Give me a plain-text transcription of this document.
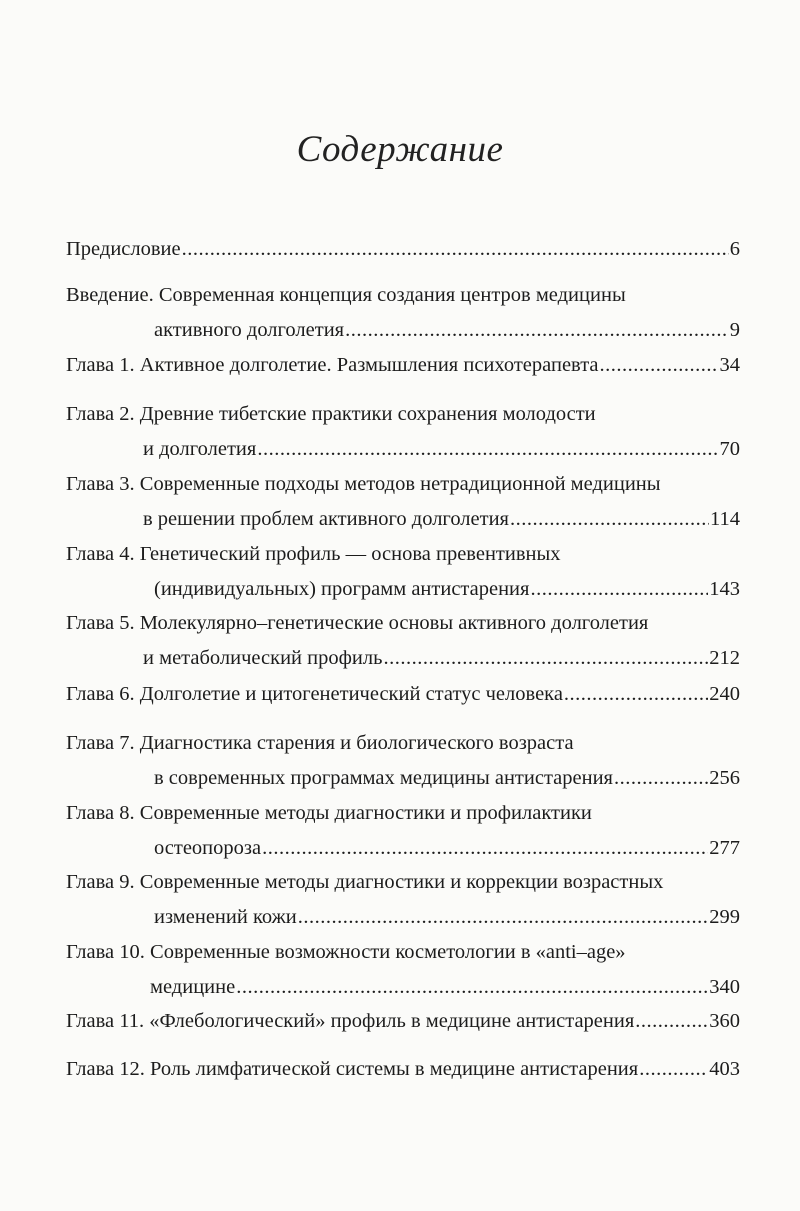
Содержание
Предисловие .....	6
Введение. Современная концепция создания центров медицины
активного долголетия .....	9
Глава 1. Активное долголетие. Размышления психотерапевта .....	34
Глава 2. Древние тибетские практики сохранения молодости
и долголетия .....	70
Глава 3. Современные подходы методов нетрадиционной медицины
в решении проблем активного долголетия .....	114
Глава 4. Генетический профиль — основа превентивных
(индивидуальных) программ антистарения .....	143
Глава 5. Молекулярно–генетические основы активного долголетия
и метаболический профиль .....	212
Глава 6. Долголетие и цитогенетический статус человека .....	240
Глава 7. Диагностика старения и биологического возраста
в современных программах медицины антистарения .....	256
Глава 8. Современные методы диагностики и профилактики
остеопороза .....	277
Глава 9. Современные методы диагностики и коррекции возрастных
изменений кожи .....	299
Глава 10. Современные возможности косметологии в «anti–age»
медицине .....	340
Глава 11. «Флебологический» профиль в медицине антистарения .....	360
Глава 12. Роль лимфатической системы в медицине антистарения .....	403
